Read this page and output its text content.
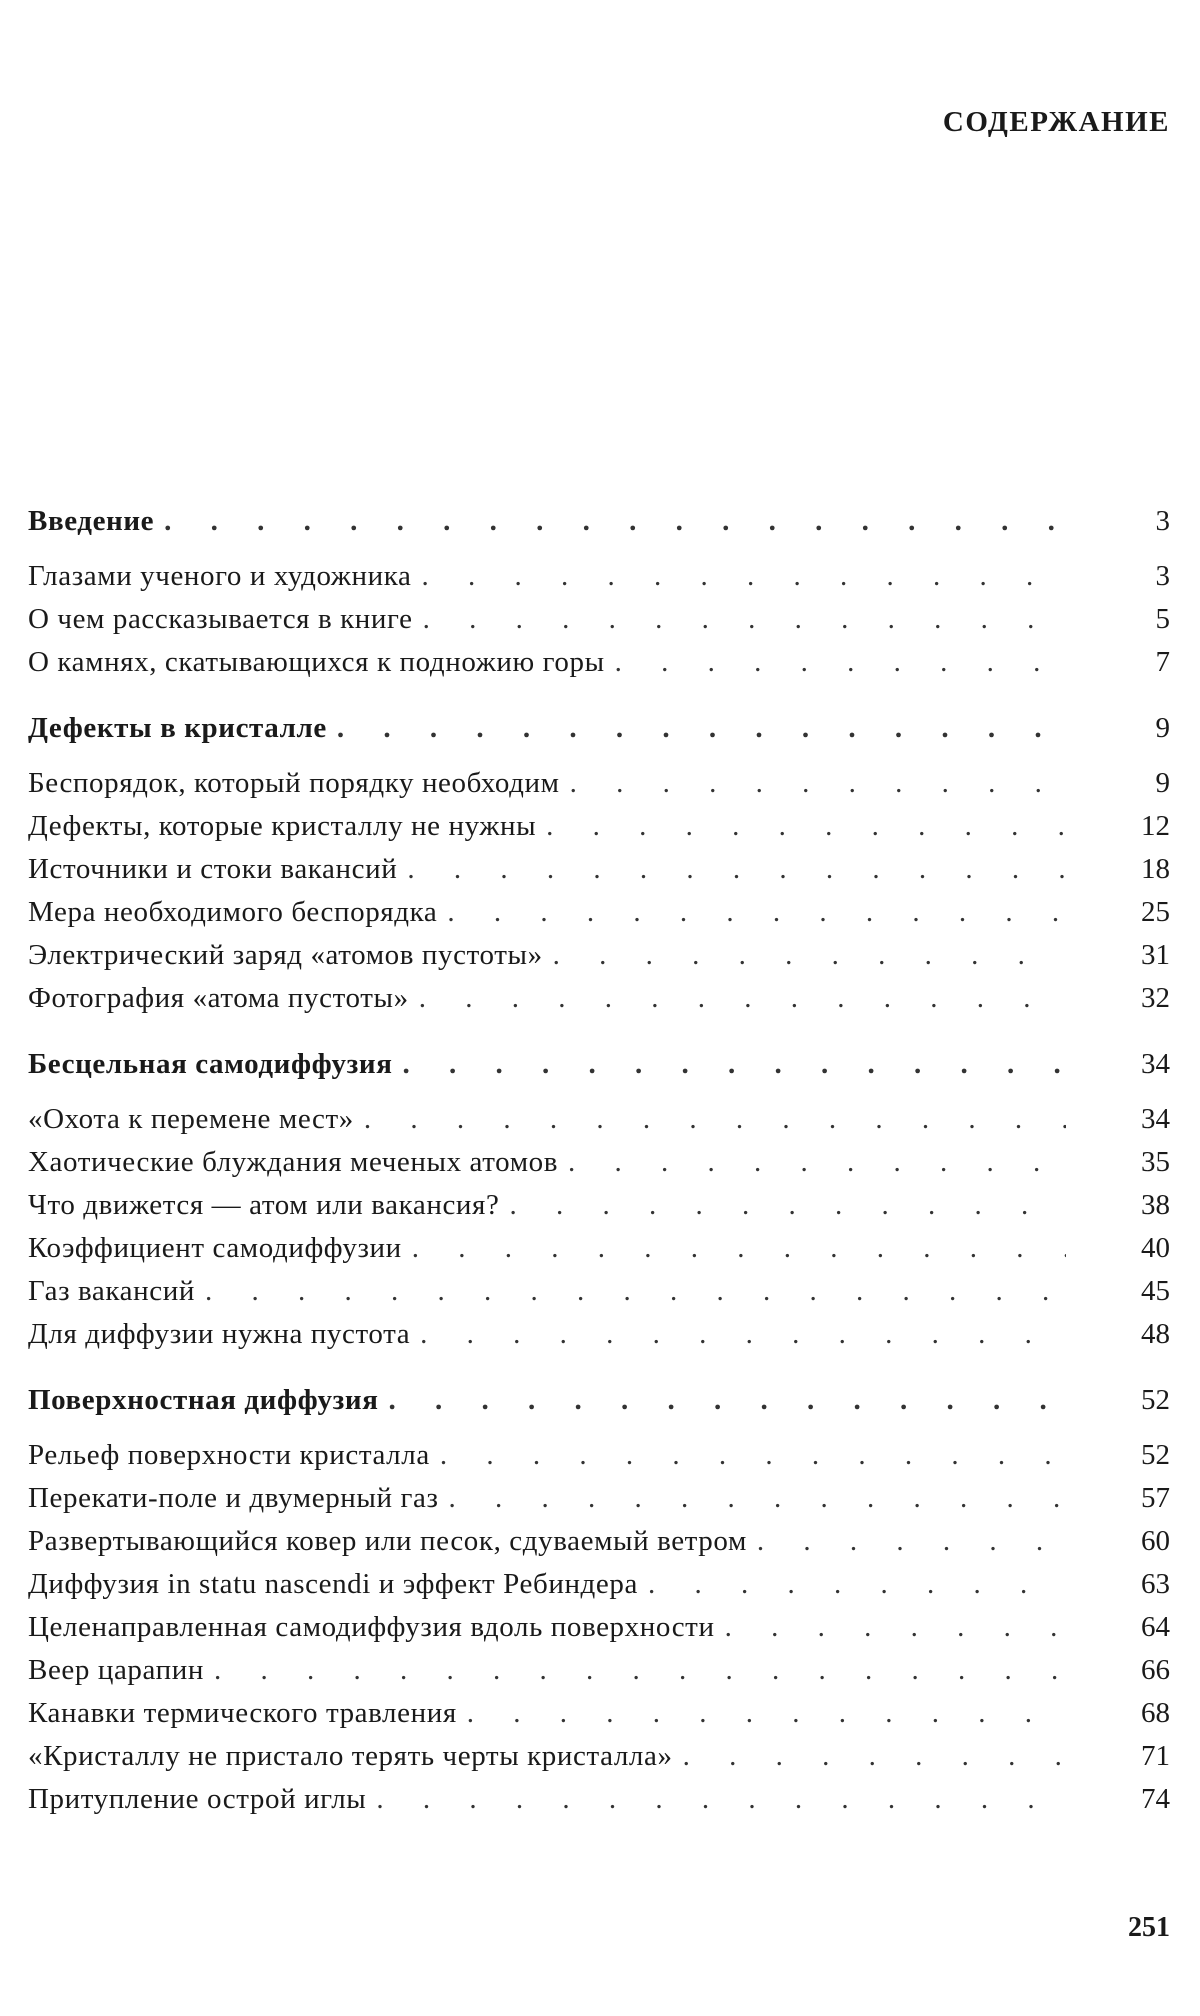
СОДЕРЖАНИЕ
Введение . . .	3
Глазами ученого и художника . . .	3
О чем рассказывается в книге . . .	5
О камнях, скатывающихся к подножию горы . . .	7
Дефекты в кристалле . . .	9
Беспорядок, который порядку необходим . . .	9
Дефекты, которые кристаллу не нужны . . .	12
Источники и стоки вакансий . . .	18
Мера необходимого беспорядка . . .	25
Электрический заряд «атомов пустоты» . . .	31
Фотография «атома пустоты» . . .	32
Бесцельная самодиффузия . . .	34
«Охота к перемене мест» . . .	34
Хаотические блуждания меченых атомов . . .	35
Что движется — атом или вакансия? . . .	38
Коэффициент самодиффузии . . .	40
Газ вакансий . . .	45
Для диффузии нужна пустота . . .	48
Поверхностная диффузия . . .	52
Рельеф поверхности кристалла . . .	52
Перекати-поле и двумерный газ . . .	57
Развертывающийся ковер или песок, сдуваемый ветром . . .	60
Диффузия in statu nascendi и эффект Ребиндера . . .	63
Целенаправленная самодиффузия вдоль поверхности . . .	64
Веер царапин . . .	66
Канавки термического травления . . .	68
«Кристаллу не пристало терять черты кристалла» . . .	71
Притупление острой иглы . . .	74
251
